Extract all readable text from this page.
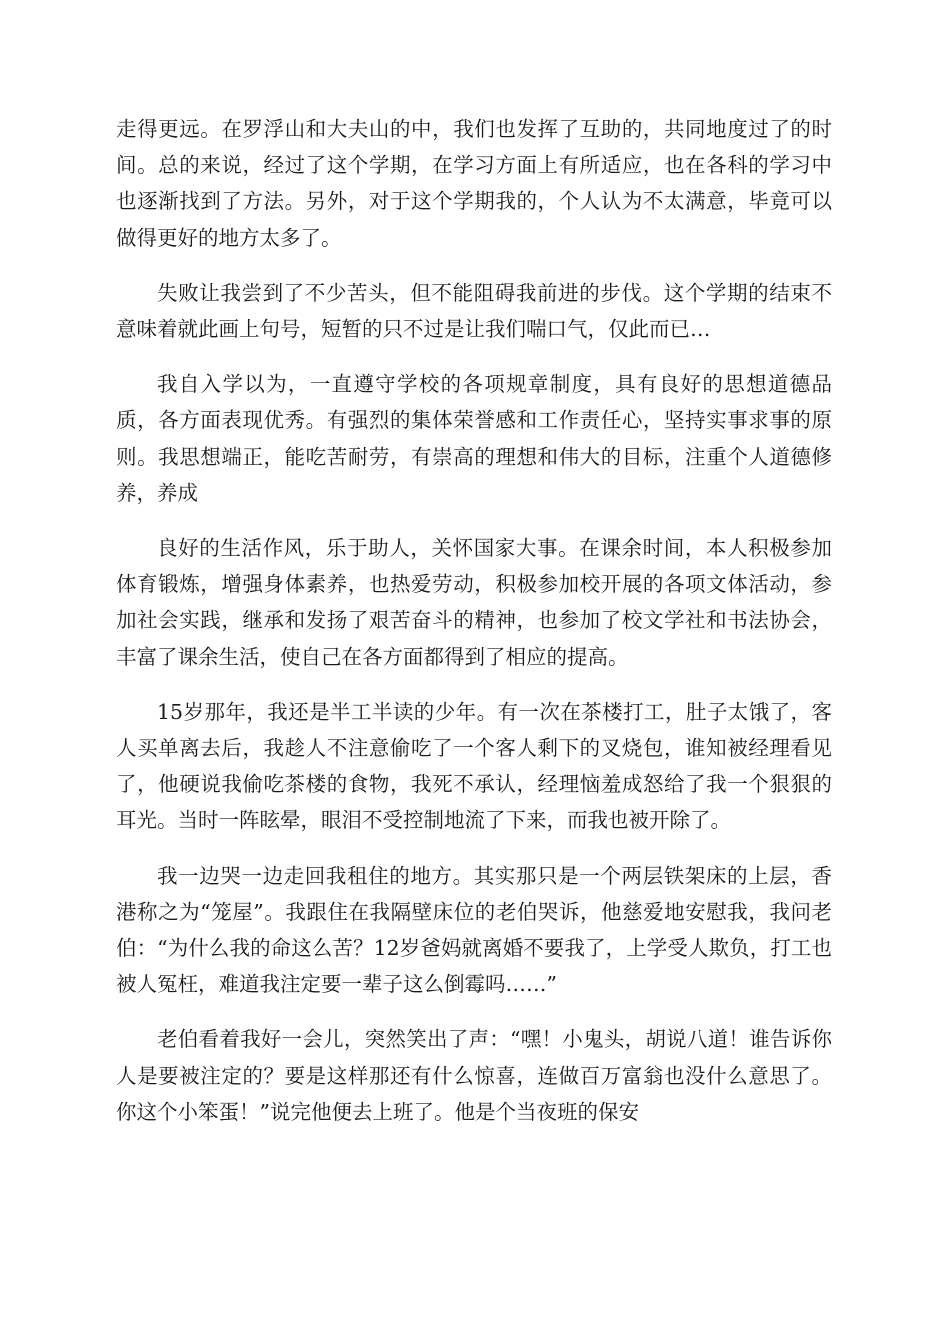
走得更远。在罗浮山和大夫山的中，我们也发挥了互助的，共同地度过了的时间。总的来说，经过了这个学期，在学习方面上有所适应，也在各科的学习中也逐渐找到了方法。另外，对于这个学期我的，个人认为不太满意，毕竟可以做得更好的地方太多了。

失败让我尝到了不少苦头，但不能阻碍我前进的步伐。这个学期的结束不意味着就此画上句号，短暂的只不过是让我们喘口气，仅此而已…

我自入学以为，一直遵守学校的各项规章制度，具有良好的思想道德品质，各方面表现优秀。有强烈的集体荣誉感和工作责任心，坚持实事求事的原则。我思想端正，能吃苦耐劳，有崇高的理想和伟大的目标，注重个人道德修养，养成

良好的生活作风，乐于助人，关怀国家大事。在课余时间，本人积极参加体育锻炼，增强身体素养，也热爱劳动，积极参加校开展的各项文体活动，参加社会实践，继承和发扬了艰苦奋斗的精神，也参加了校文学社和书法协会，丰富了课余生活，使自己在各方面都得到了相应的提高。

15岁那年，我还是半工半读的少年。有一次在茶楼打工，肚子太饿了，客人买单离去后，我趁人不注意偷吃了一个客人剩下的叉烧包，谁知被经理看见了，他硬说我偷吃茶楼的食物，我死不承认，经理恼羞成怒给了我一个狠狠的耳光。当时一阵眩晕，眼泪不受控制地流了下来，而我也被开除了。

我一边哭一边走回我租住的地方。其实那只是一个两层铁架床的上层，香港称之为“笼屋”。我跟住在我隔壁床位的老伯哭诉，他慈爱地安慰我，我问老伯：“为什么我的命这么苦？12岁爸妈就离婚不要我了，上学受人欺负，打工也被人冤枉，难道我注定要一辈子这么倒霉吗……”

老伯看着我好一会儿，突然笑出了声：“嘿！小鬼头，胡说八道！谁告诉你人是要被注定的？要是这样那还有什么惊喜，连做百万富翁也没什么意思了。你这个小笨蛋！”说完他便去上班了。他是个当夜班的保安
